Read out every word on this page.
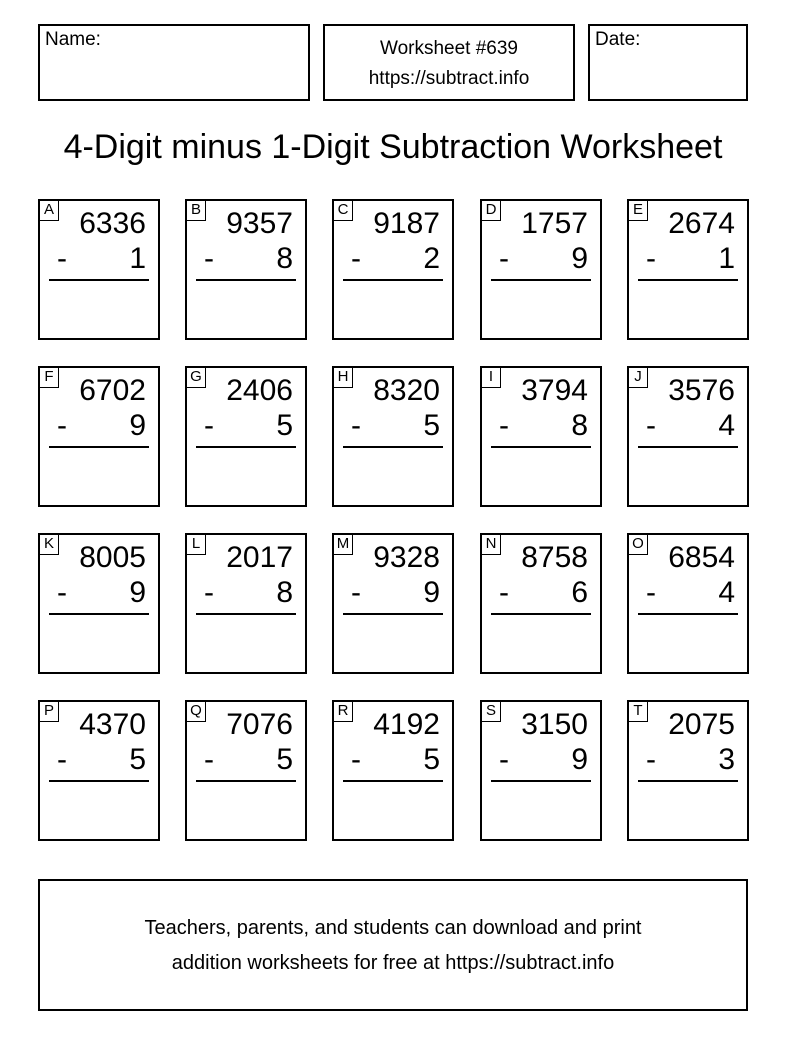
Name:	Worksheet #639
https://subtract.info
Date:
4-Digit minus 1-Digit Subtraction Worksheet
A 6336
- 1
B 9357
- 8
C 9187
- 2
D 1757
- 9
E 2674
- 1
F 6702
- 9
G 2406
- 5
H 8320
- 5
I 3794
- 8
J 3576
- 4
K 8005
- 9
L 2017
- 8
M 9328
- 9
N 8758
- 6
O 6854
- 4
P 4370
- 5
Q 7076
- 5
R 4192
- 5
S 3150
- 9
T 2075
- 3
Teachers, parents, and students can download and print
addition worksheets for free at https://subtract.info
